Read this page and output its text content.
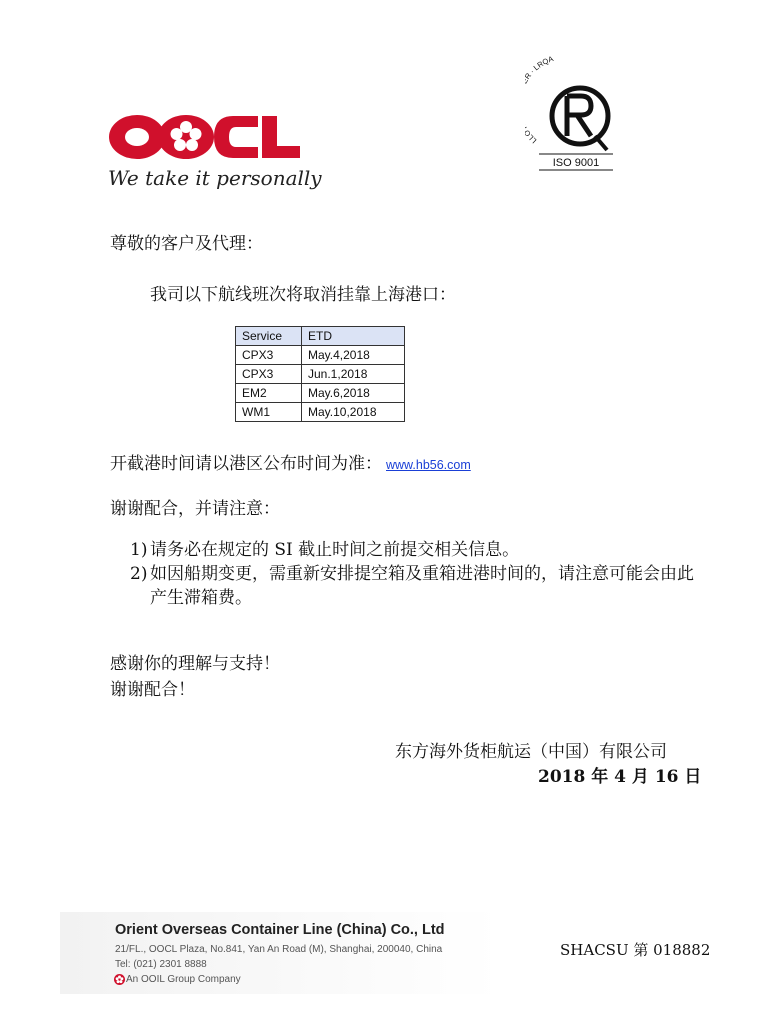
We take it personally
LL · LRQA
ISO 9001
尊敬的客户及代理：
我司以下航线班次将取消挂靠上海港口：
Service	ETD
CPX3	May.4,2018
CPX3	Jun.1,2018
EM2	May.6,2018
WM1	May.10,2018
开截港时间请以港区公布时间为准： www.hb56.com
谢谢配合，并请注意：
1) 请务必在规定的 SI 截止时间之前提交相关信息。
2) 如因船期变更，需重新安排提空箱及重箱进港时间的，请注意可能会由此产生滞箱费。
感谢你的理解与支持！
谢谢配合！
东方海外货柜航运（中国）有限公司
2018 年 4 月 16 日
Orient Overseas Container Line (China) Co., Ltd
21/FL., OOCL Plaza, No.841, Yan An Road (M), Shanghai, 200040, China
Tel: (021) 2301 8888
An OOIL Group Company
SHACSU 第 018882
